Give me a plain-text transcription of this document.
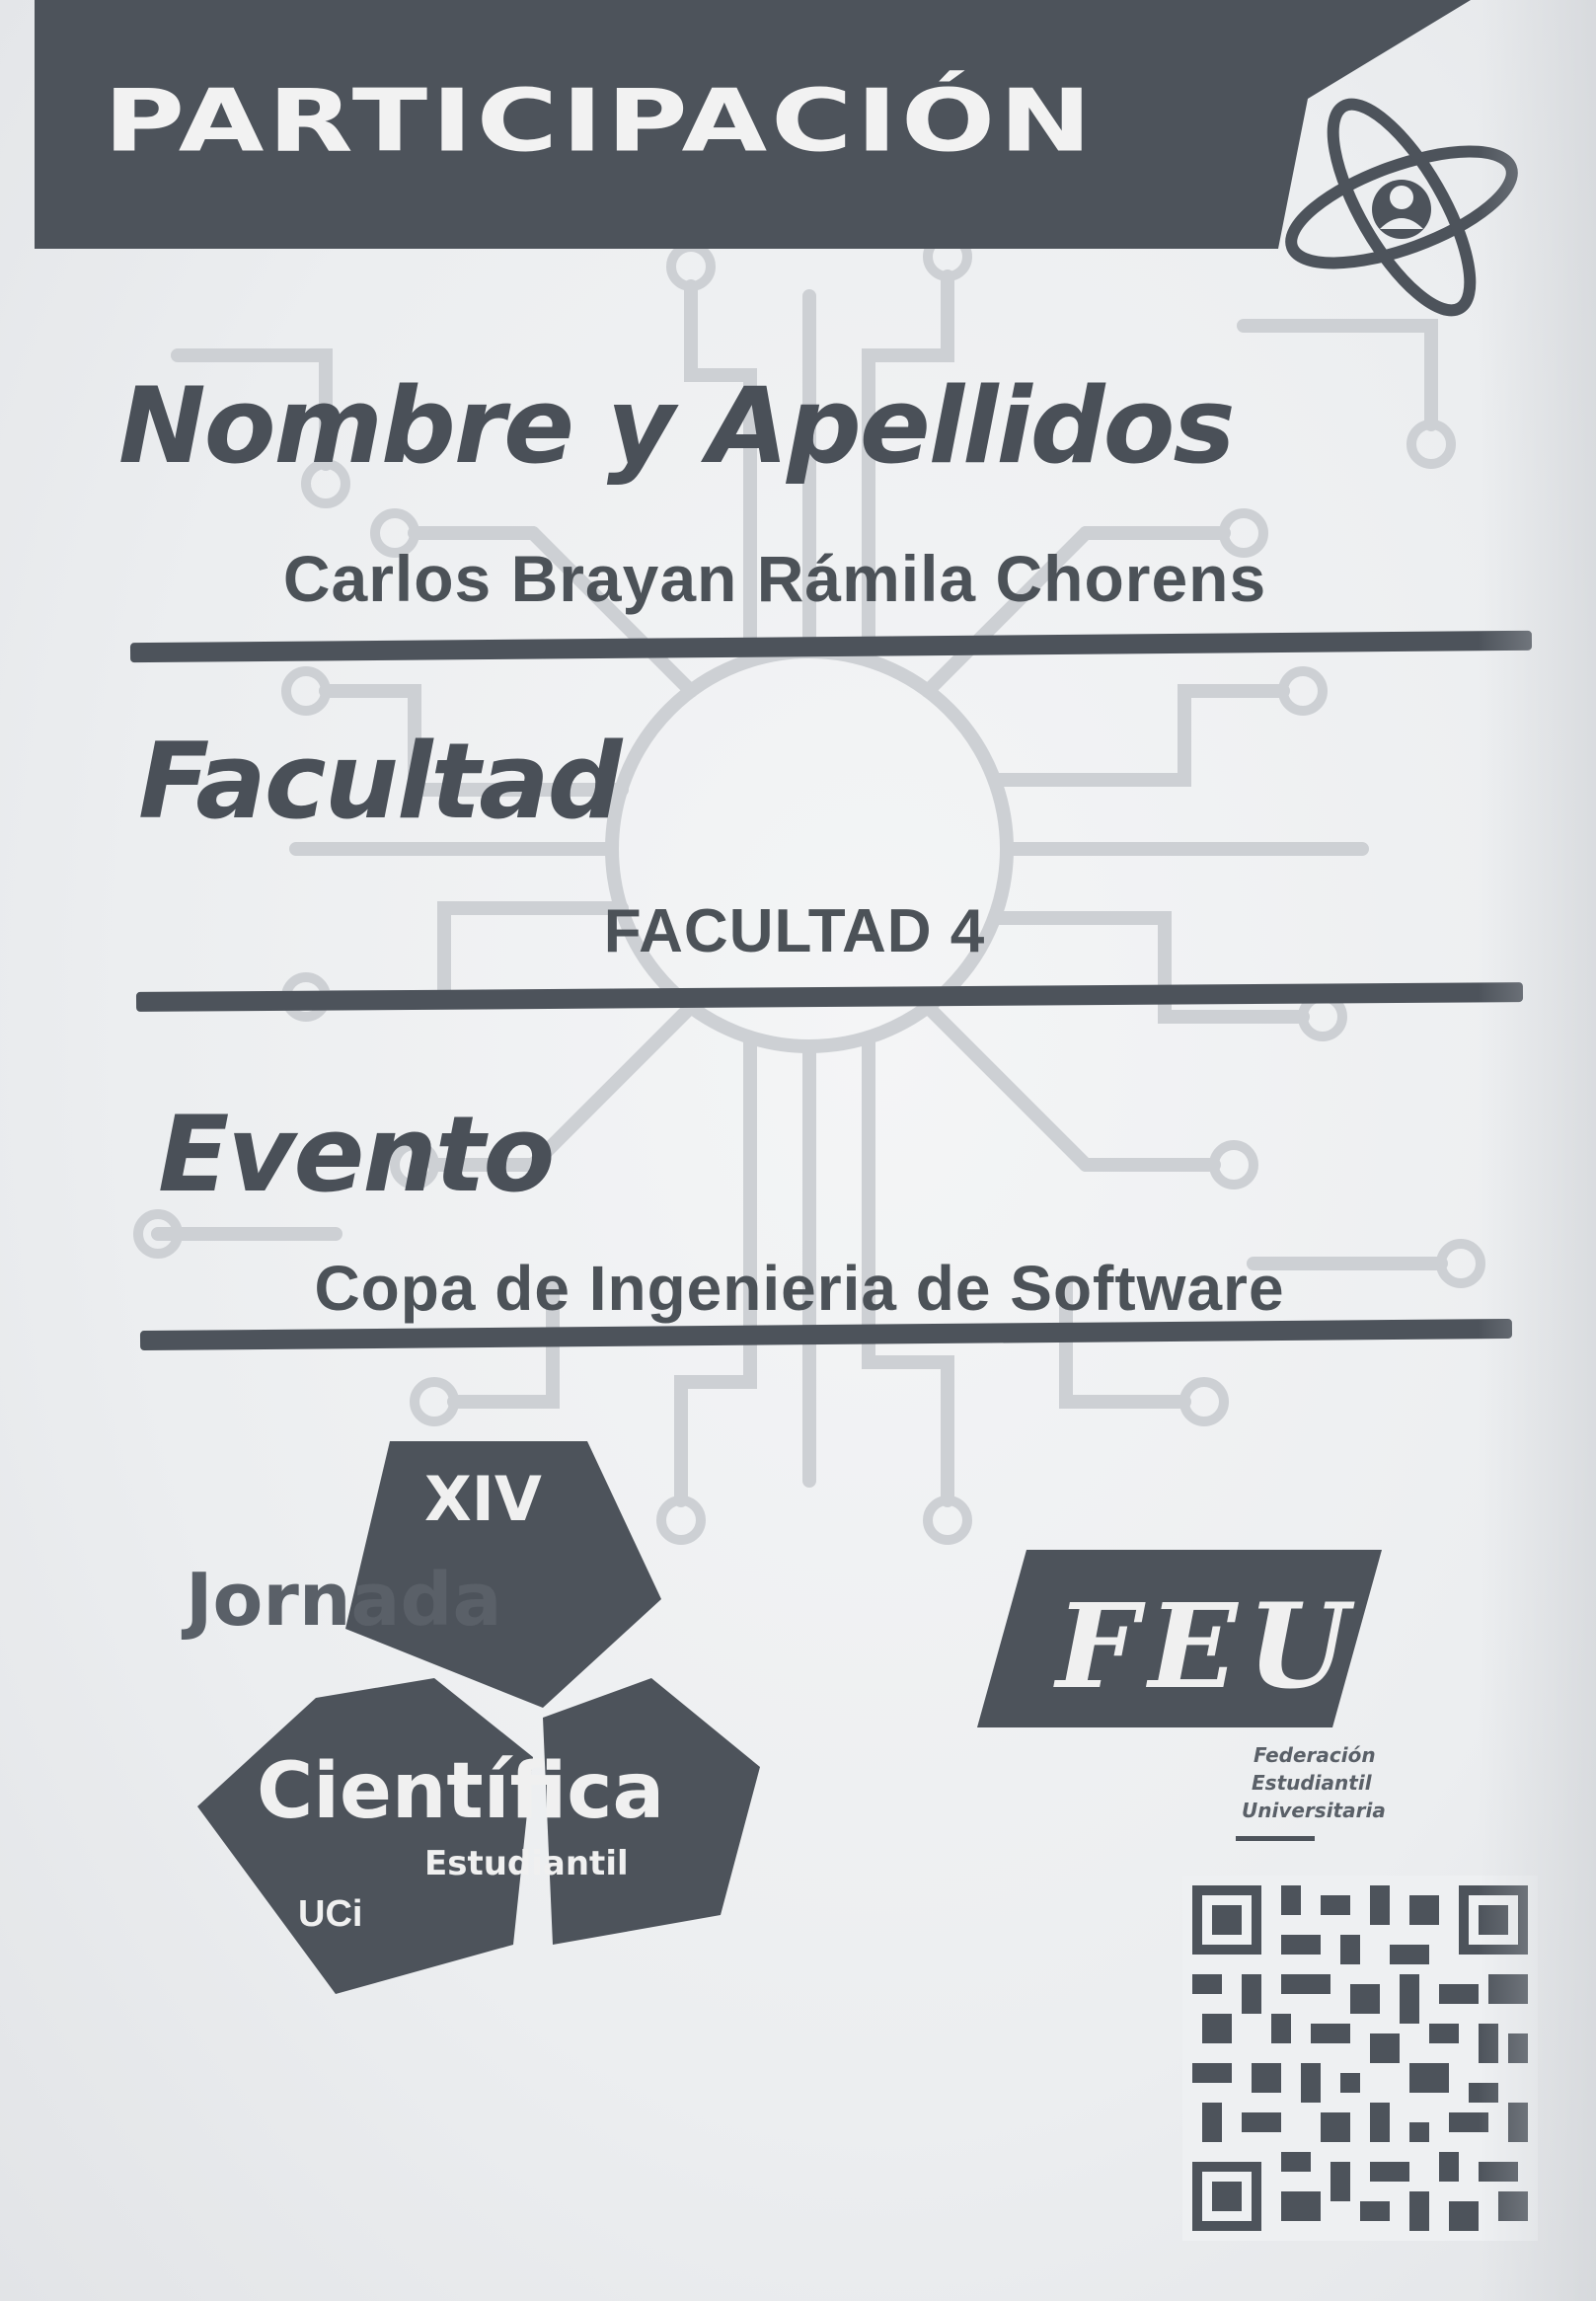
PARTICIPACIÓN
Nombre y Apellidos
Carlos Brayan Rámila Chorens
Facultad
FACULTAD 4
Evento
Copa de Ingenieria de Software
XIV
Jornada
Científica
Estudiantil
UCi
FEU
Federación
Estudiantil
Universitaria
